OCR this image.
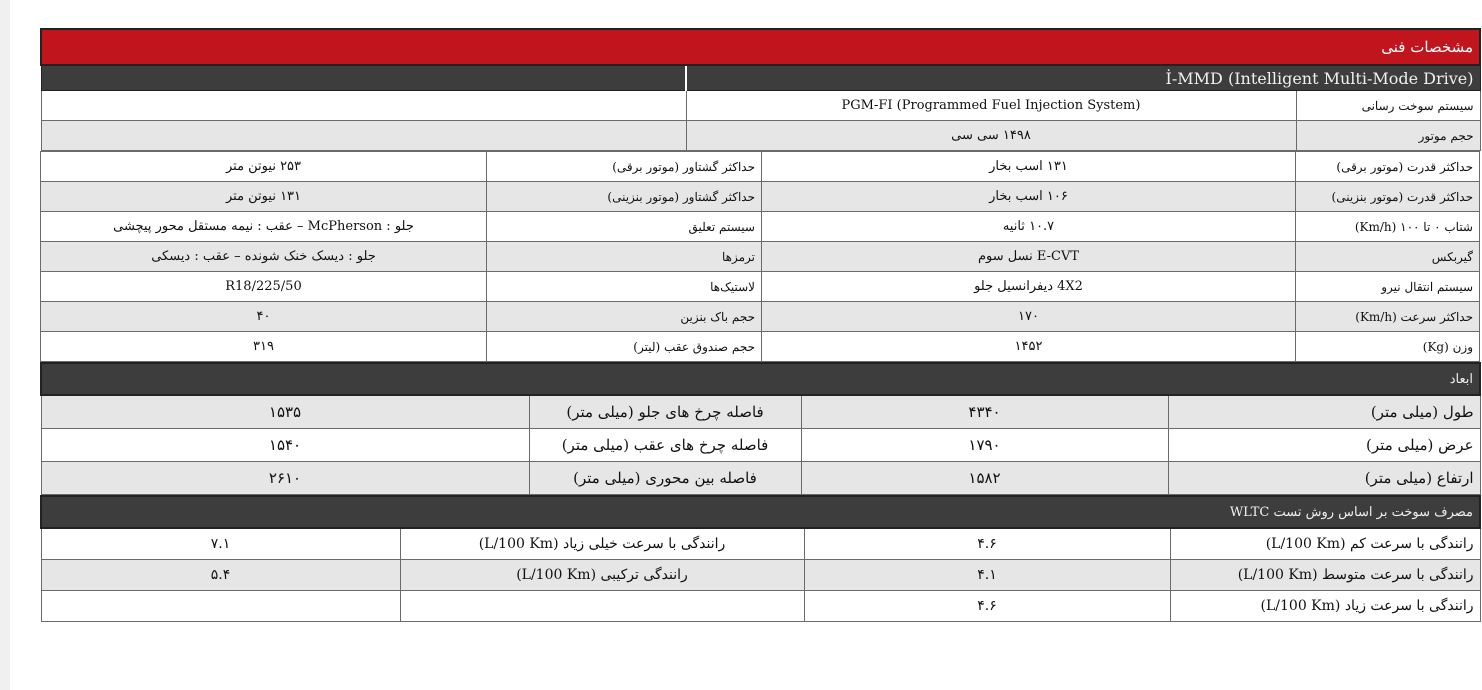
مشخصات فنی		
İ-MMD (Intelligent Multi-Mode Drive)		
سیستم سوخت رسانی	PGM-FI (Programmed Fuel Injection System)	
حجم موتور	۱۴۹۸ سی سی	
حداکثر قدرت (موتور برقی)	۱۳۱ اسب بخار	حداکثر گشتاور (موتور برقی)	۲۵۳ نیوتن متر
حداکثر قدرت (موتور بنزینی)	۱۰۶ اسب بخار	حداکثر گشتاور (موتور بنزینی)	۱۳۱ نیوتن متر
شتاب ۰ تا ۱۰۰ (Km/h)	۱۰.۷ ثانیه	سیستم تعلیق	جلو : McPherson – عقب : نیمه مستقل محور پیچشی
گیربکس	E-CVT نسل سوم	ترمزها	جلو : دیسک خنک شونده – عقب : دیسکی
سیستم انتقال نیرو	4X2 دیفرانسیل جلو	لاستیک‌ها	225/50/R18
حداکثر سرعت (Km/h)	۱۷۰	حجم باک بنزین	۴۰
وزن (Kg)	۱۴۵۲	حجم صندوق عقب (لیتر)	۳۱۹
ابعاد			
طول (میلی متر)	۴۳۴۰	فاصله چرخ های جلو (میلی متر)	۱۵۳۵
عرض (میلی متر)	۱۷۹۰	فاصله چرخ های عقب (میلی متر)	۱۵۴۰
ارتفاع (میلی متر)	۱۵۸۲	فاصله بین محوری (میلی متر)	۲۶۱۰
مصرف سوخت بر اساس روش تست WLTC			
رانندگی با سرعت کم (L/100 Km)	۴.۶	رانندگی با سرعت خیلی زیاد (L/100 Km)	۷.۱
رانندگی با سرعت متوسط (L/100 Km)	۴.۱	رانندگی ترکیبی (L/100 Km)	۵.۴
رانندگی با سرعت زیاد (L/100 Km)	۴.۶		
